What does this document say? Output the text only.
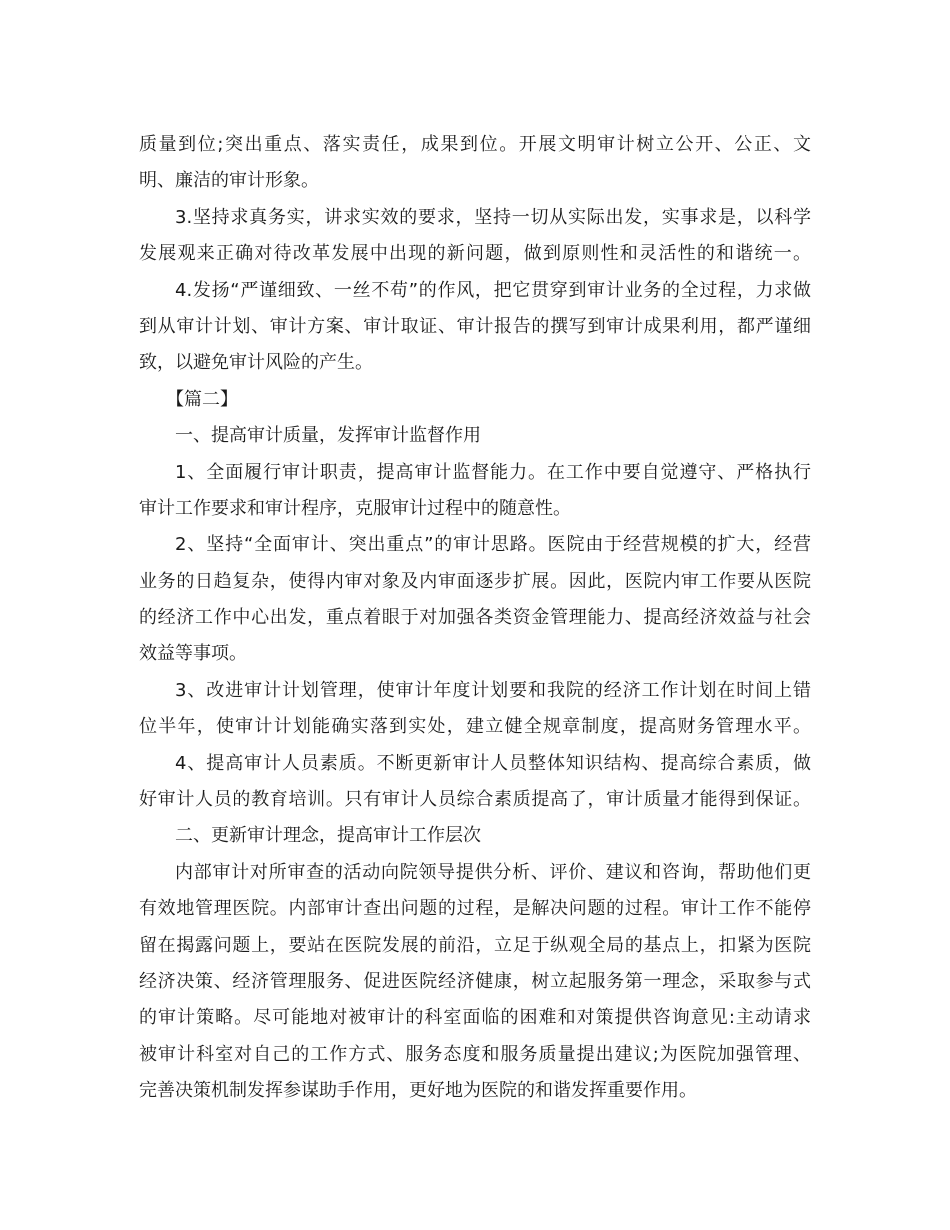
质量到位;突出重点、落实责任，成果到位。开展文明审计树立公开、公正、文
明、廉洁的审计形象。
3.坚持求真务实，讲求实效的要求，坚持一切从实际出发，实事求是，以科学
发展观来正确对待改革发展中出现的新问题，做到原则性和灵活性的和谐统一。
4.发扬“严谨细致、一丝不苟”的作风，把它贯穿到审计业务的全过程，力求做
到从审计计划、审计方案、审计取证、审计报告的撰写到审计成果利用，都严谨细
致，以避免审计风险的产生。
【篇二】
一、提高审计质量，发挥审计监督作用
1、全面履行审计职责，提高审计监督能力。在工作中要自觉遵守、严格执行
审计工作要求和审计程序，克服审计过程中的随意性。
2、坚持“全面审计、突出重点”的审计思路。医院由于经营规模的扩大，经营
业务的日趋复杂，使得内审对象及内审面逐步扩展。因此，医院内审工作要从医院
的经济工作中心出发，重点着眼于对加强各类资金管理能力、提高经济效益与社会
效益等事项。
3、改进审计计划管理，使审计年度计划要和我院的经济工作计划在时间上错
位半年，使审计计划能确实落到实处，建立健全规章制度，提高财务管理水平。
4、提高审计人员素质。不断更新审计人员整体知识结构、提高综合素质，做
好审计人员的教育培训。只有审计人员综合素质提高了，审计质量才能得到保证。
二、更新审计理念，提高审计工作层次
内部审计对所审查的活动向院领导提供分析、评价、建议和咨询，帮助他们更
有效地管理医院。内部审计查出问题的过程，是解决问题的过程。审计工作不能停
留在揭露问题上，要站在医院发展的前沿，立足于纵观全局的基点上，扣紧为医院
经济决策、经济管理服务、促进医院经济健康，树立起服务第一理念，采取参与式
的审计策略。尽可能地对被审计的科室面临的困难和对策提供咨询意见:主动请求
被审计科室对自己的工作方式、服务态度和服务质量提出建议;为医院加强管理、
完善决策机制发挥参谋助手作用，更好地为医院的和谐发挥重要作用。
